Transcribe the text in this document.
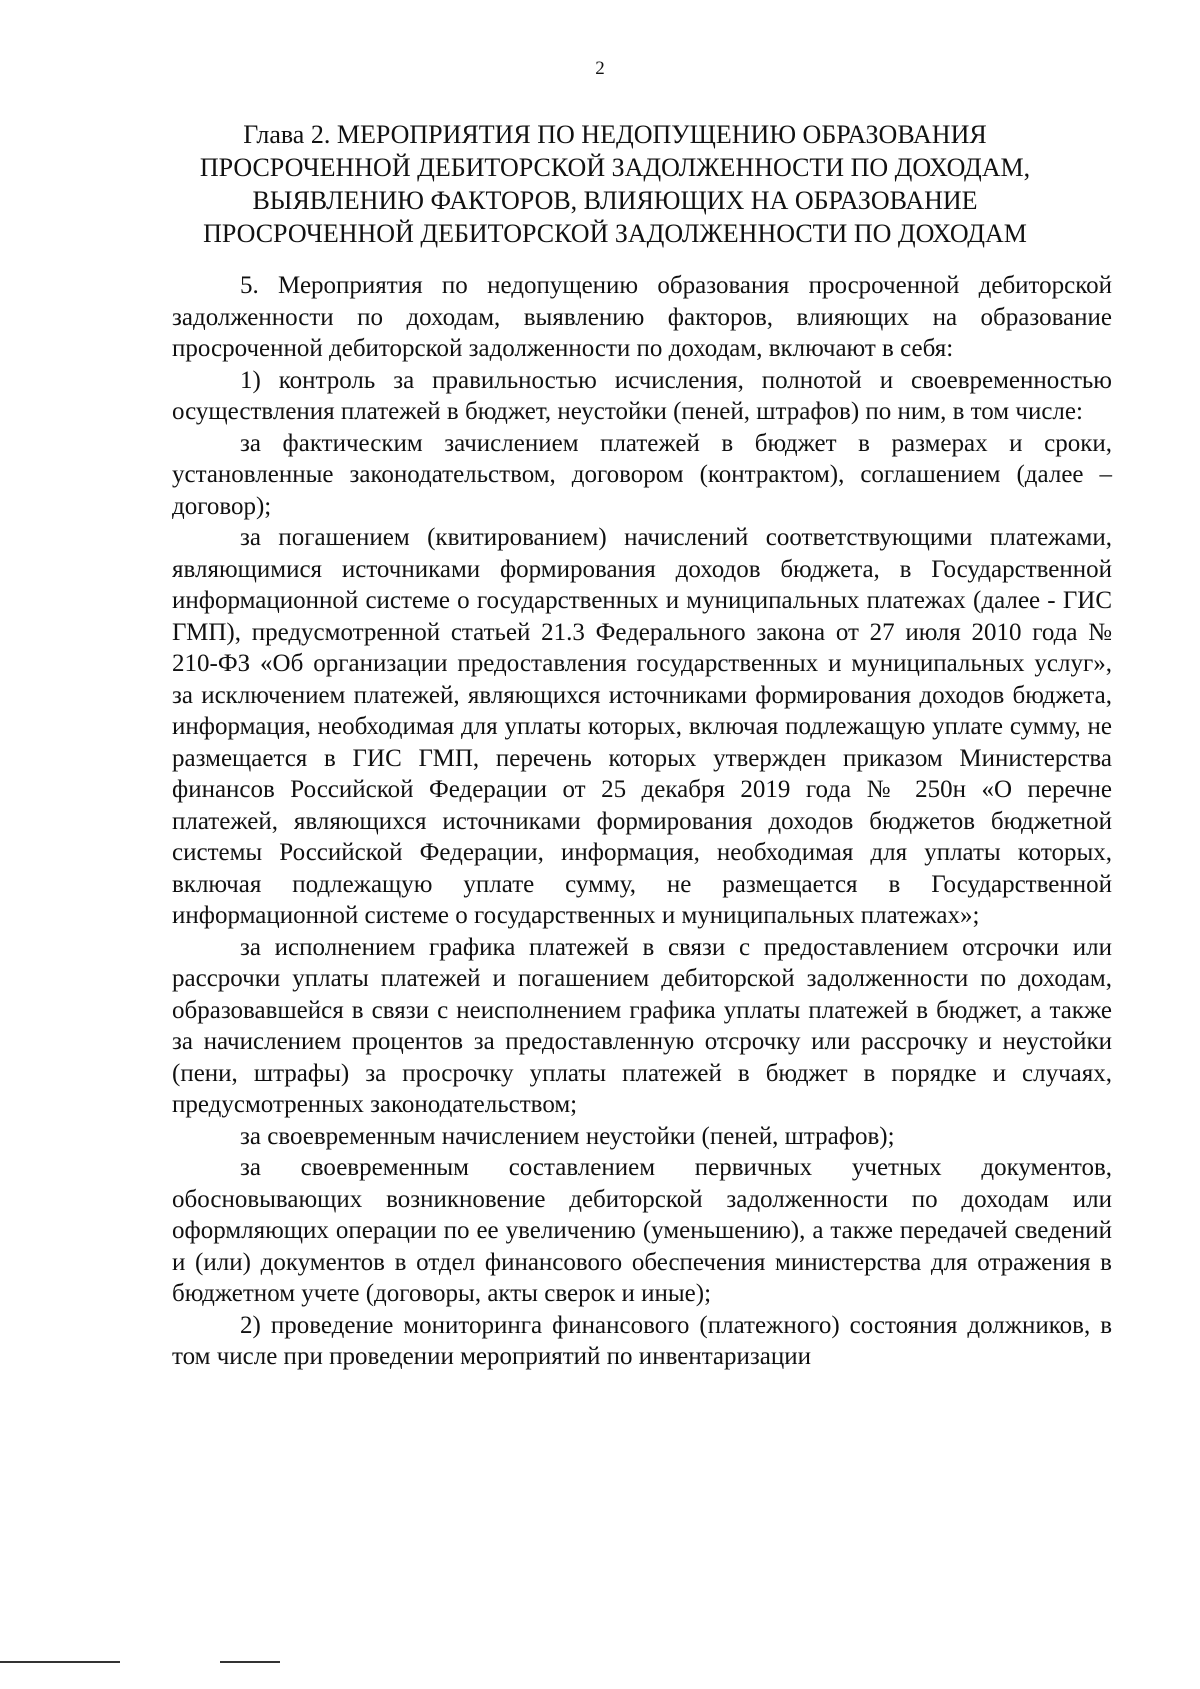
2
Глава 2. МЕРОПРИЯТИЯ ПО НЕДОПУЩЕНИЮ ОБРАЗОВАНИЯ
ПРОСРОЧЕННОЙ ДЕБИТОРСКОЙ ЗАДОЛЖЕННОСТИ ПО ДОХОДАМ,
ВЫЯВЛЕНИЮ ФАКТОРОВ, ВЛИЯЮЩИХ НА ОБРАЗОВАНИЕ
ПРОСРОЧЕННОЙ ДЕБИТОРСКОЙ ЗАДОЛЖЕННОСТИ ПО ДОХОДАМ

5. Мероприятия по недопущению образования просроченной дебиторской задолженности по доходам, выявлению факторов, влияющих на образование просроченной дебиторской задолженности по доходам, включают в себя:

1) контроль за правильностью исчисления, полнотой и своевременностью осуществления платежей в бюджет, неустойки (пеней, штрафов) по ним, в том числе:

за фактическим зачислением платежей в бюджет в размерах и сроки, установленные законодательством, договором (контрактом), соглашением (далее – договор);

за погашением (квитированием) начислений соответствующими платежами, являющимися источниками формирования доходов бюджета, в Государственной информационной системе о государственных и муниципальных платежах (далее - ГИС ГМП), предусмотренной статьей 21.3 Федерального закона от 27 июля 2010 года № 210-ФЗ «Об организации предоставления государственных и муниципальных услуг», за исключением платежей, являющихся источниками формирования доходов бюджета, информация, необходимая для уплаты которых, включая подлежащую уплате сумму, не размещается в ГИС ГМП, перечень которых утвержден приказом Министерства финансов Российской Федерации от 25 декабря 2019 года № 250н «О перечне платежей, являющихся источниками формирования доходов бюджетов бюджетной системы Российской Федерации, информация, необходимая для уплаты которых, включая подлежащую уплате сумму, не размещается в Государственной информационной системе о государственных и муниципальных платежах»;

за исполнением графика платежей в связи с предоставлением отсрочки или рассрочки уплаты платежей и погашением дебиторской задолженности по доходам, образовавшейся в связи с неисполнением графика уплаты платежей в бюджет, а также за начислением процентов за предоставленную отсрочку или рассрочку и неустойки (пени, штрафы) за просрочку уплаты платежей в бюджет в порядке и случаях, предусмотренных законодательством;

за своевременным начислением неустойки (пеней, штрафов);

за своевременным составлением первичных учетных документов, обосновывающих возникновение дебиторской задолженности по доходам или оформляющих операции по ее увеличению (уменьшению), а также передачей сведений и (или) документов в отдел финансового обеспечения министерства для отражения в бюджетном учете (договоры, акты сверок и иные);

2) проведение мониторинга финансового (платежного) состояния должников, в том числе при проведении мероприятий по инвентаризации
